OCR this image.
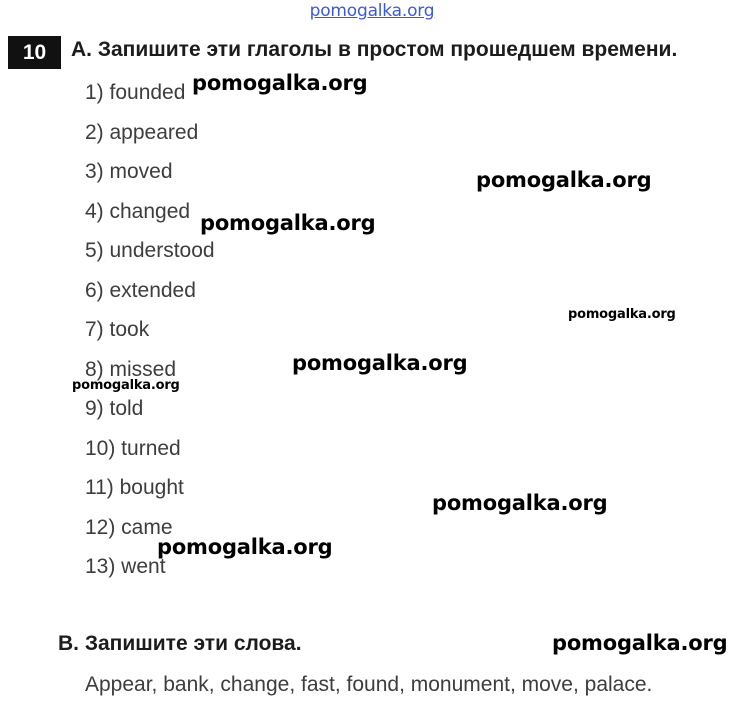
pomogalka.org
10	A. Запишите эти глаголы в простом прошедшем времени.
1) founded
2) appeared
3) moved
4) changed
5) understood
6) extended
7) took
8) missed
9) told
10) turned
11) bought
12) came
13) went
B. Запишите эти слова.
Appear, bank, change, fast, found, monument, move, palace.
pomogalka.org
pomogalka.org
pomogalka.org
pomogalka.org
pomogalka.org
pomogalka.org
pomogalka.org
pomogalka.org
pomogalka.org
